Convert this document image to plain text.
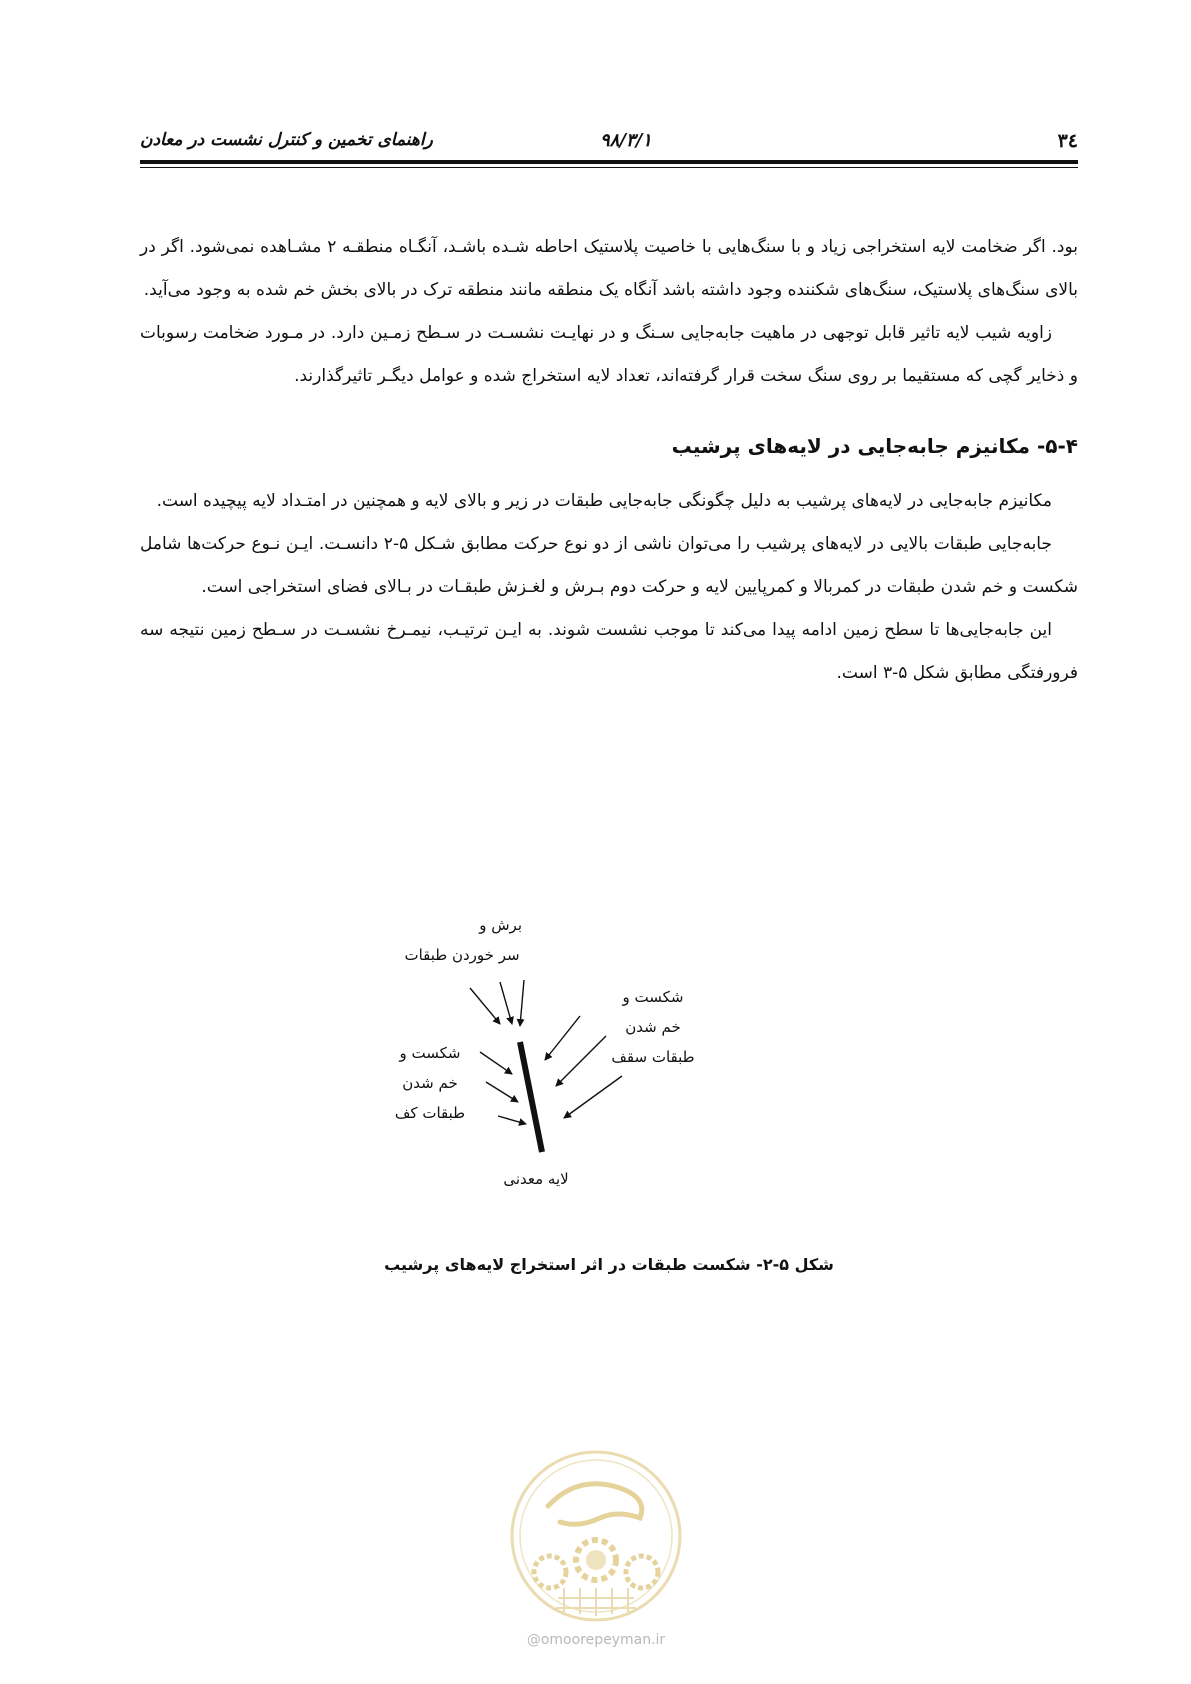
۳٤
۹۸/۳/۱
راهنمای تخمین و کنترل نشست در معادن

بود. اگر ضخامت لایه استخراجی زیاد و با سنگ‌هایی با خاصیت پلاستیک احاطه شـده باشـد، آنگـاه منطقـه ۲ مشـاهده نمی‌شود. اگر در بالای سنگ‌های پلاستیک، سنگ‌های شکننده وجود داشته باشد آنگاه یک منطقه مانند منطقه ترک در بالای بخش خم شده به وجود می‌آید.

زاویه شیب لایه تاثیر قابل توجهی در ماهیت جابه‌جایی سـنگ و در نهایـت نشسـت در سـطح زمـین دارد. در مـورد ضخامت رسوبات و ذخایر گچی که مستقیما بر روی سنگ سخت قرار گرفته‌اند، تعداد لایه استخراج شده و عوامل دیگـر تاثیرگذارند.

۵-۴- مکانیزم جابه‌جایی در لایه‌های پرشیب

مکانیزم جابه‌جایی در لایه‌های پرشیب به دلیل چگونگی جابه‌جایی طبقات در زیر و بالای لایه و همچنین در امتـداد لایه پیچیده است.

جابه‌جایی طبقات بالایی در لایه‌های پرشیب را می‌توان ناشی از دو نوع حرکت مطابق شـکل ۵-۲ دانسـت. ایـن نـوع حرکت‌ها شامل شکست و خم شدن طبقات در کمربالا و کمرپایین لایه و حرکت دوم بـرش و لغـزش طبقـات در بـالای فضای استخراجی است.

این جابه‌جایی‌ها تا سطح زمین ادامه پیدا می‌کند تا موجب نشست شوند. به ایـن ترتیـب، نیمـرخ نشسـت در سـطح زمین نتیجه سه فرورفتگی مطابق شکل ۵-۳ است.

برش و
سر خوردن طبقات
شکست و
خم شدن
طبقات سقف
شکست و
خم شدن
طبقات کف
لایه معدنی
شکل ۵-۲- شکست طبقات در اثر استخراج لایه‌های پرشیب
@omoorepeyman.ir
